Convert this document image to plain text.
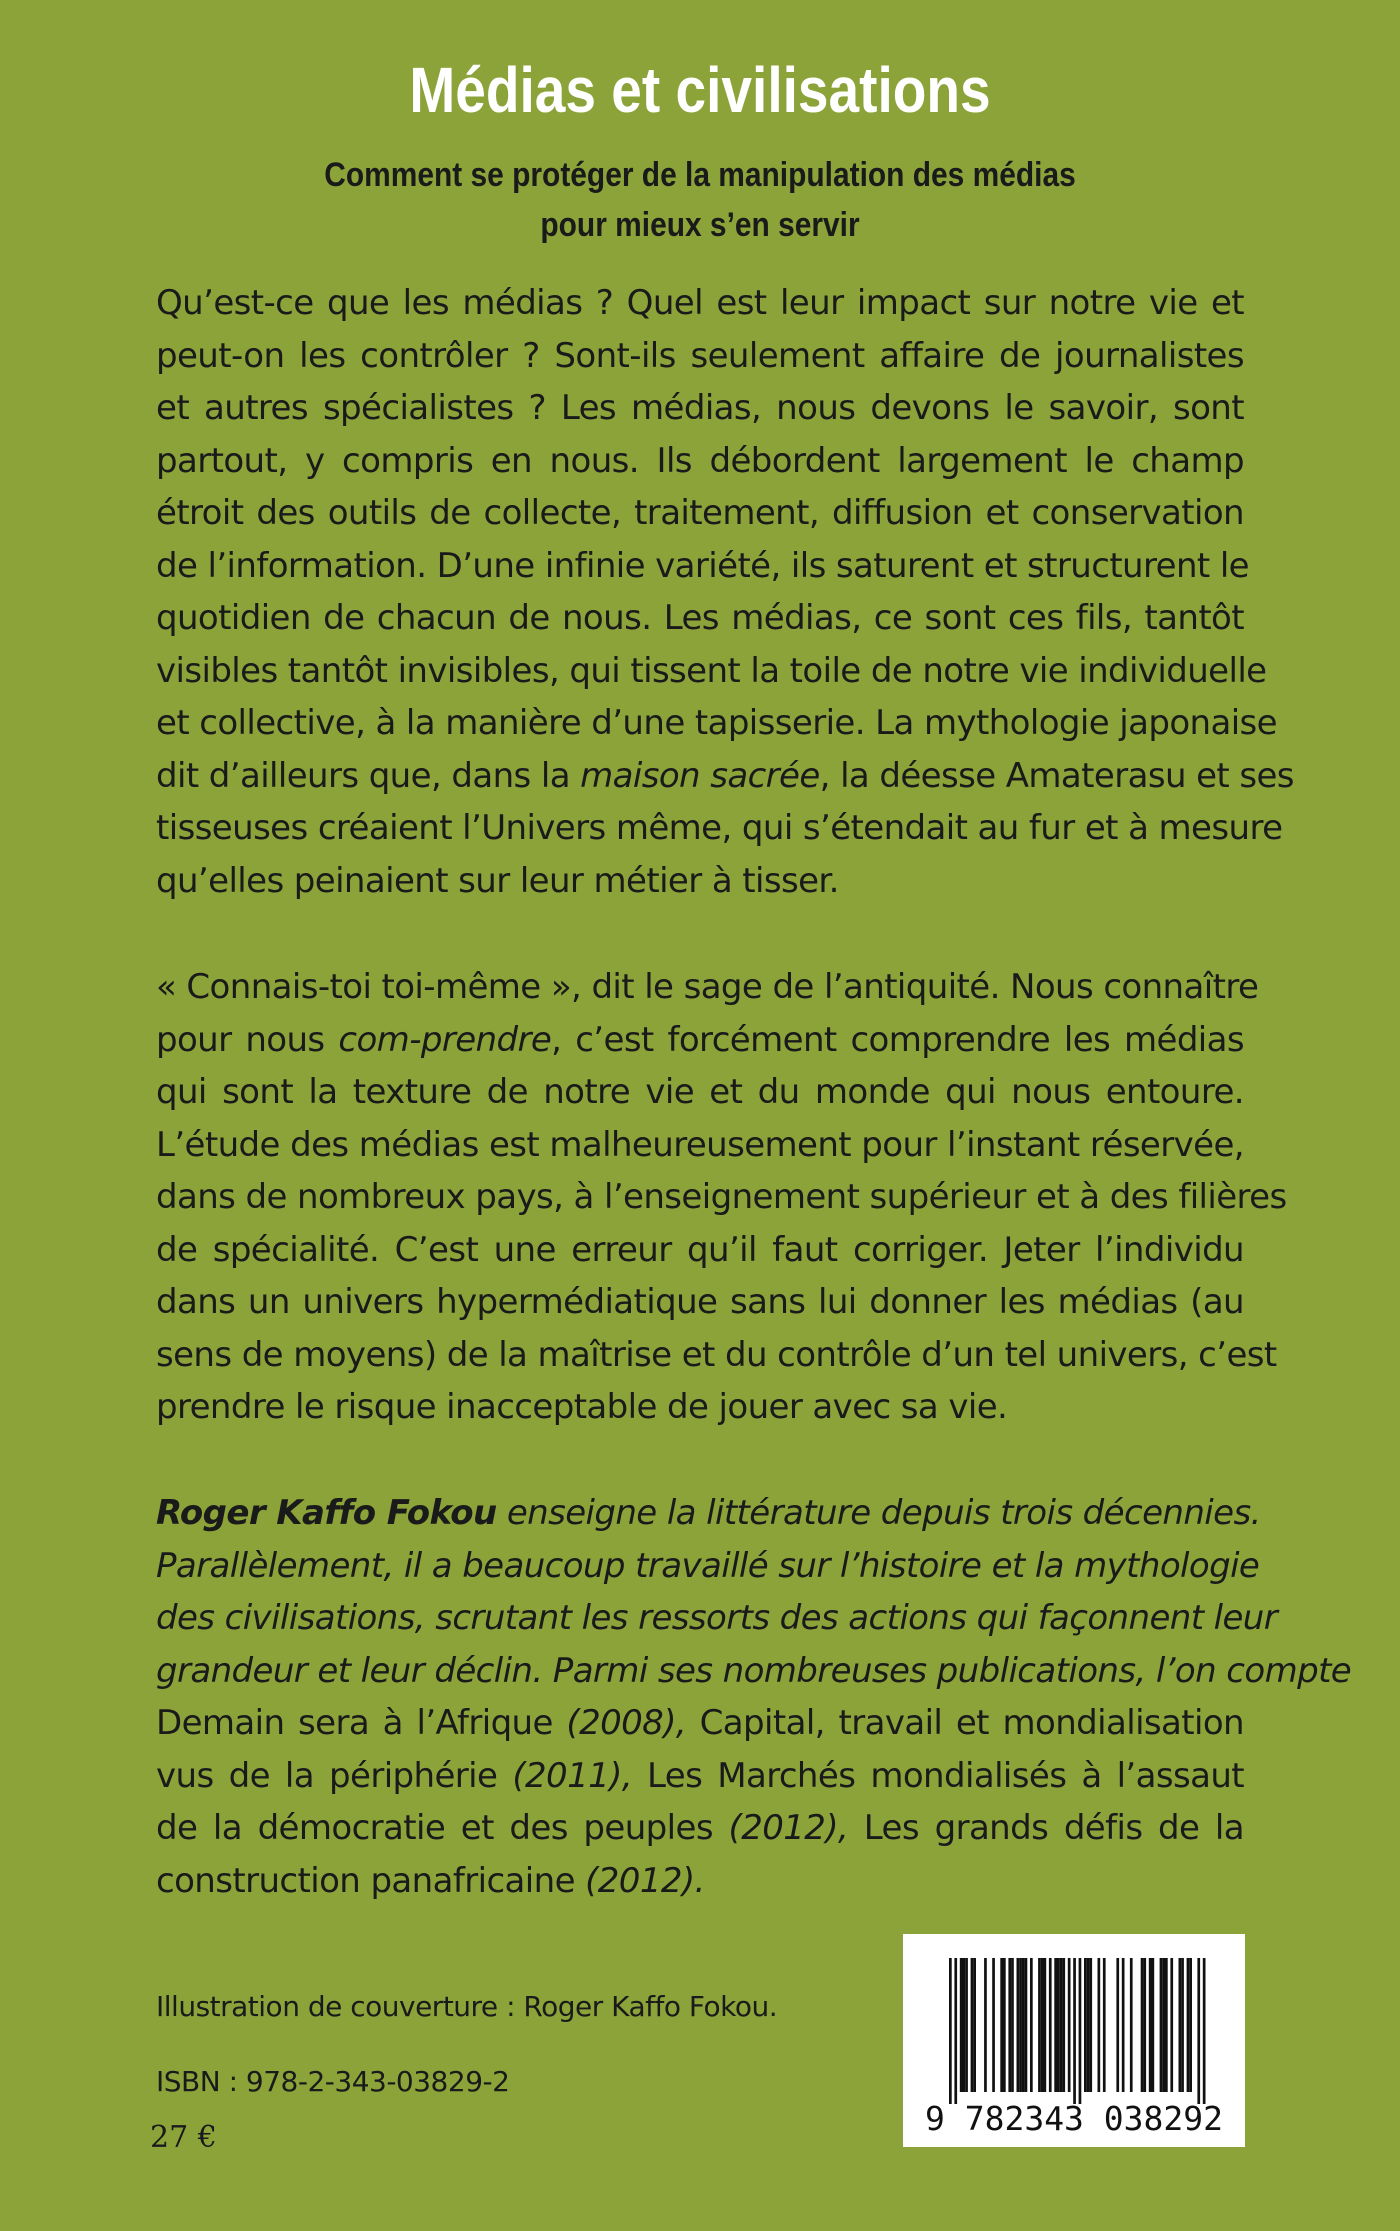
Médias et civilisations
Comment se protéger de la manipulation des médias
pour mieux s’en servir
Qu’est-ce que les médias ? Quel est leur impact sur notre vie et
peut-on les contrôler ? Sont-ils seulement affaire de journalistes
et autres spécialistes ? Les médias, nous devons le savoir, sont
partout, y compris en nous. Ils débordent largement le champ
étroit des outils de collecte, traitement, diffusion et conservation
de l’information. D’une infinie variété, ils saturent et structurent le
quotidien de chacun de nous. Les médias, ce sont ces fils, tantôt
visibles tantôt invisibles, qui tissent la toile de notre vie individuelle
et collective, à la manière d’une tapisserie. La mythologie japonaise
dit d’ailleurs que, dans la maison sacrée, la déesse Amaterasu et ses
tisseuses créaient l’Univers même, qui s’étendait au fur et à mesure
qu’elles peinaient sur leur métier à tisser.
« Connais-toi toi-même », dit le sage de l’antiquité. Nous connaître
pour nous com-prendre, c’est forcément comprendre les médias
qui sont la texture de notre vie et du monde qui nous entoure.
L’étude des médias est malheureusement pour l’instant réservée,
dans de nombreux pays, à l’enseignement supérieur et à des filières
de spécialité. C’est une erreur qu’il faut corriger. Jeter l’individu
dans un univers hypermédiatique sans lui donner les médias (au
sens de moyens) de la maîtrise et du contrôle d’un tel univers, c’est
prendre le risque inacceptable de jouer avec sa vie.
Roger Kaffo Fokou enseigne la littérature depuis trois décennies.
Parallèlement, il a beaucoup travaillé sur l’histoire et la mythologie
des civilisations, scrutant les ressorts des actions qui façonnent leur
grandeur et leur déclin. Parmi ses nombreuses publications, l’on compte
Demain sera à l’Afrique (2008), Capital, travail et mondialisation
vus de la périphérie (2011), Les Marchés mondialisés à l’assaut
de la démocratie et des peuples (2012), Les grands défis de la
construction panafricaine (2012).
Illustration de couverture : Roger Kaffo Fokou.
ISBN : 978-2-343-03829-2
27 €	9 782343 038292
